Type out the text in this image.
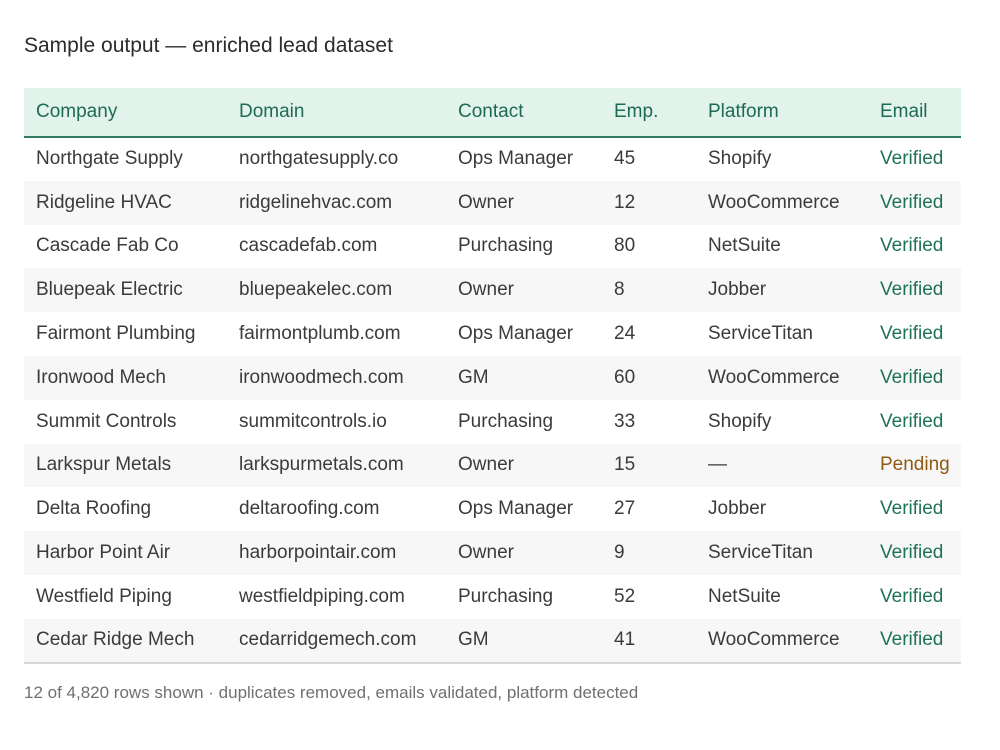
Sample output — enriched lead dataset
Company	Domain	Contact	Emp.	Platform	Email
Northgate Supply	northgatesupply.co	Ops Manager	45	Shopify	Verified
Ridgeline HVAC	ridgelinehvac.com	Owner	12	WooCommerce	Verified
Cascade Fab Co	cascadefab.com	Purchasing	80	NetSuite	Verified
Bluepeak Electric	bluepeakelec.com	Owner	8	Jobber	Verified
Fairmont Plumbing	fairmontplumb.com	Ops Manager	24	ServiceTitan	Verified
Ironwood Mech	ironwoodmech.com	GM	60	WooCommerce	Verified
Summit Controls	summitcontrols.io	Purchasing	33	Shopify	Verified
Larkspur Metals	larkspurmetals.com	Owner	15	—	Pending
Delta Roofing	deltaroofing.com	Ops Manager	27	Jobber	Verified
Harbor Point Air	harborpointair.com	Owner	9	ServiceTitan	Verified
Westfield Piping	westfieldpiping.com	Purchasing	52	NetSuite	Verified
Cedar Ridge Mech	cedarridgemech.com	GM	41	WooCommerce	Verified
12 of 4,820 rows shown · duplicates removed, emails validated, platform detected
